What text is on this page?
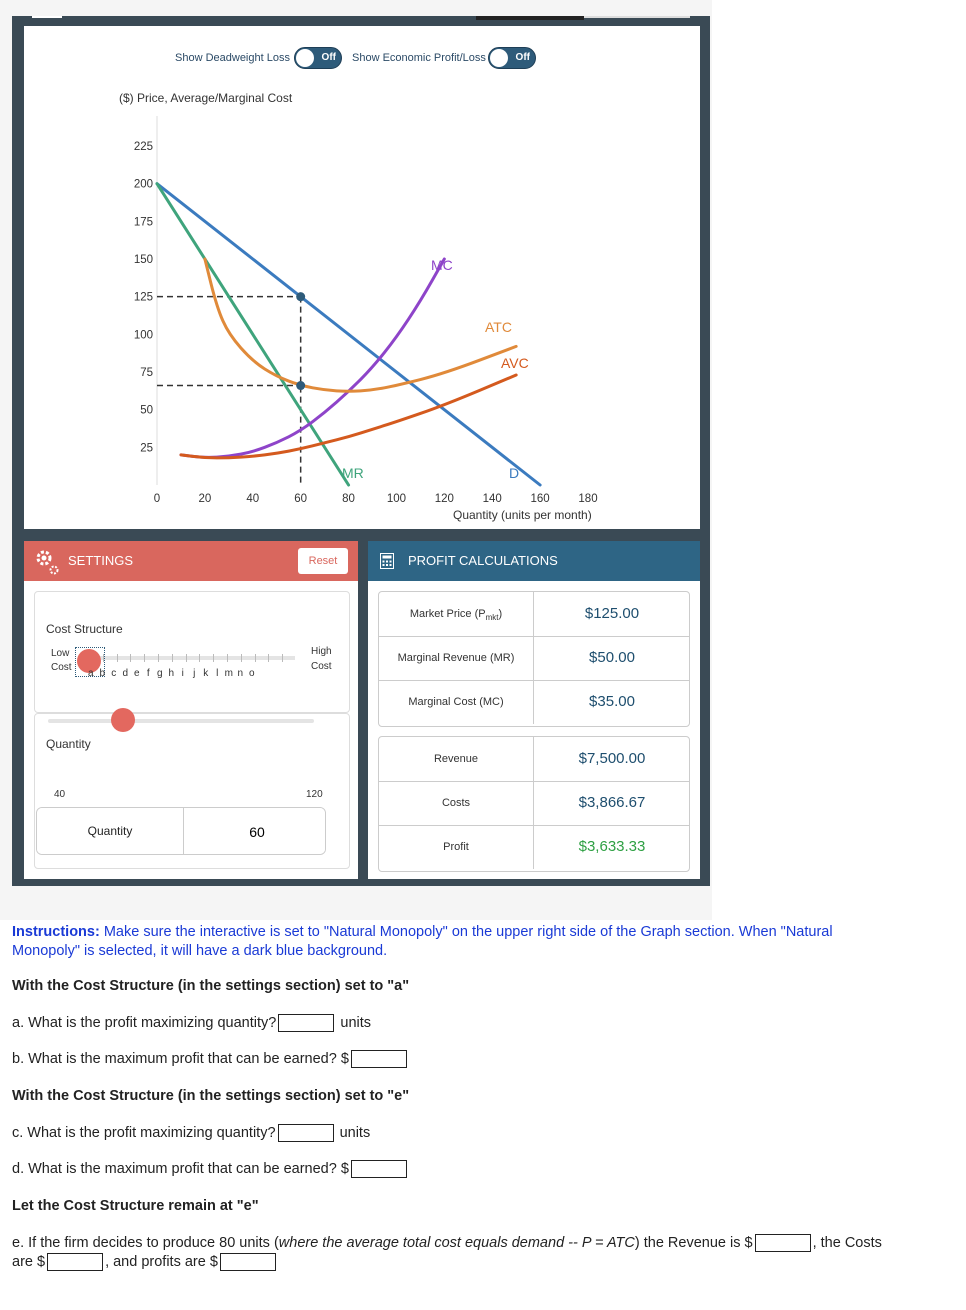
($) Price, Average/Marginal Cost
25
50
75
100
125
150
175
200
225
0	20	40	60	80	100 120 140 160 180
Quantity (units per month)
D
MR
MC
ATC
AVC
Show Deadweight Loss	Off Show Economic Profit/Loss	Off
SETTINGS	Reset
Cost Structure
Low
Cost
a b c d e f g h i j k l m n o
High
Cost
Quantity
40	120
Quantity
60
PROFIT CALCULATIONS
Market Price $(P_{mkt})$	$125.00
Marginal Revenue (MR)	$50.00
Marginal Cost (MC)	$35.00
Revenue	$7,500.00
Costs	$3,866.67
Profit	$3,633.33
Instructions: Make sure the interactive is set to "Natural Monopoly" on the upper right side of the Graph section. When "Natural
Monopoly" is selected, it will have a dark blue background.
With the Cost Structure (in the settings section) set to "a"
a. What is the profit maximizing quantity?	units
b. What is the maximum profit that can be earned? $
With the Cost Structure (in the settings section) set to "e"
c. What is the profit maximizing quantity?	units
d. What is the maximum profit that can be earned? $
Let the Cost Structure remain at "e"
e. If the firm decides to produce 80 units (where the average total cost equals demand -- P = ATC) the Revenue is $	, the Costs
are $	, and profits are $
